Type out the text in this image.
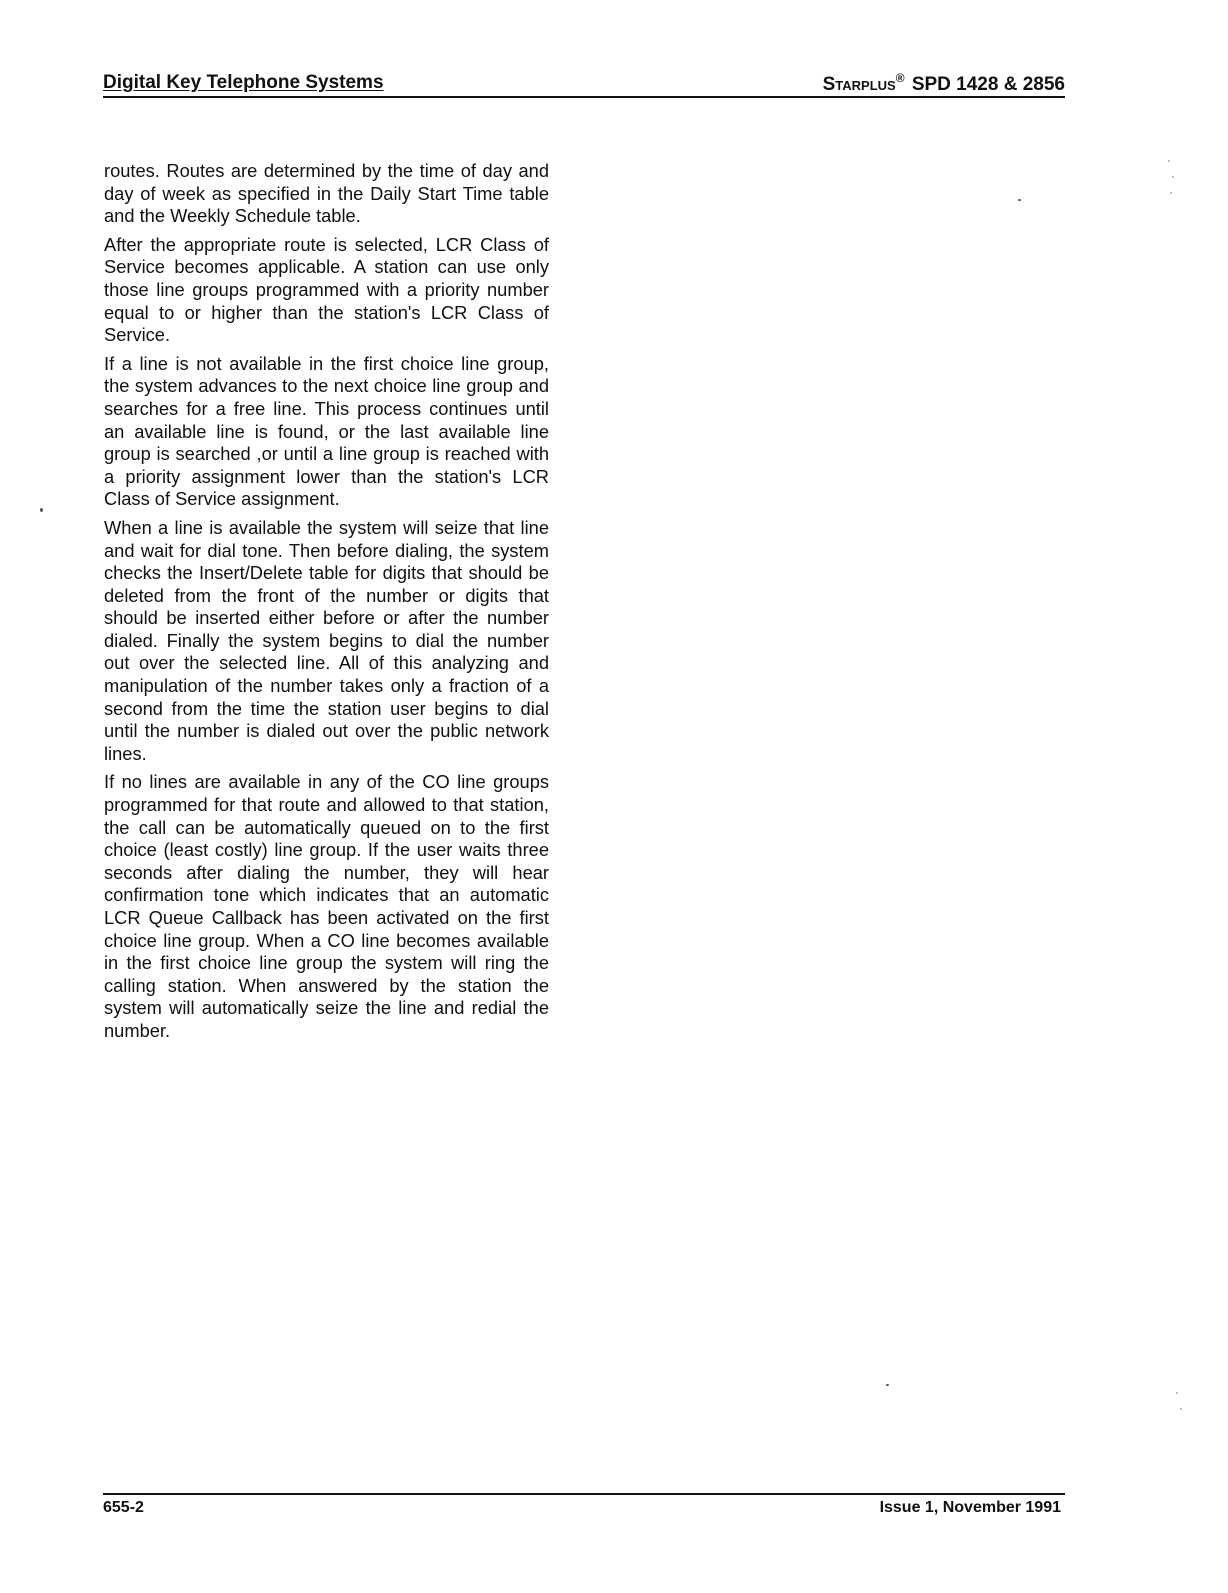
Digital Key Telephone Systems	Starplus® SPD 1428 & 2856

routes. Routes are determined by the time of day and day of week as specified in the Daily Start Time table and the Weekly Schedule table.

After the appropriate route is selected, LCR Class of Service becomes applicable. A station can use only those line groups programmed with a priority number equal to or higher than the station's LCR Class of Service.

If a line is not available in the first choice line group, the system advances to the next choice line group and searches for a free line. This process continues until an available line is found, or the last available line group is searched ,or until a line group is reached with a priority assignment lower than the station's LCR Class of Service assignment.

When a line is available the system will seize that line and wait for dial tone. Then before dialing, the system checks the Insert/Delete table for digits that should be deleted from the front of the number or digits that should be inserted either before or after the number dialed. Finally the system begins to dial the number out over the selected line. All of this analyzing and manipulation of the number takes only a fraction of a second from the time the station user begins to dial until the number is dialed out over the public network lines.

If no lines are available in any of the CO line groups programmed for that route and allowed to that station, the call can be automatically queued on to the first choice (least costly) line group. If the user waits three seconds after dialing the number, they will hear confirmation tone which indicates that an automatic LCR Queue Callback has been activated on the first choice line group. When a CO line becomes available in the first choice line group the system will ring the calling station. When answered by the station the system will automatically seize the line and redial the number.

655-2	Issue 1, November 1991
